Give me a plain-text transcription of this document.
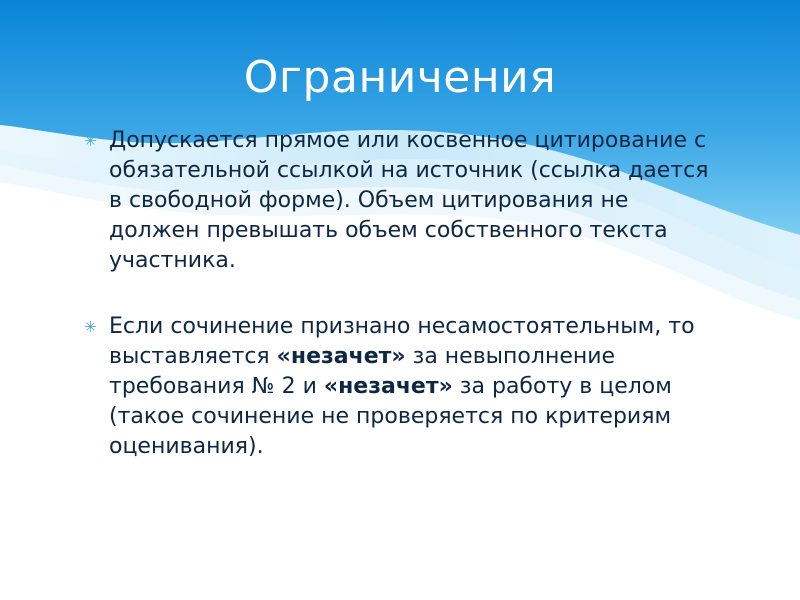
Ограничения
✳ Допускается прямое или косвенное цитирование с обязательной ссылкой на источник (ссылка дается в свободной форме). Объем цитирования не должен превышать объем собственного текста участника.
✳ Если сочинение признано несамостоятельным, то выставляется «незачет» за невыполнение требования № 2 и «незачет» за работу в целом (такое сочинение не проверяется по критериям оценивания).
